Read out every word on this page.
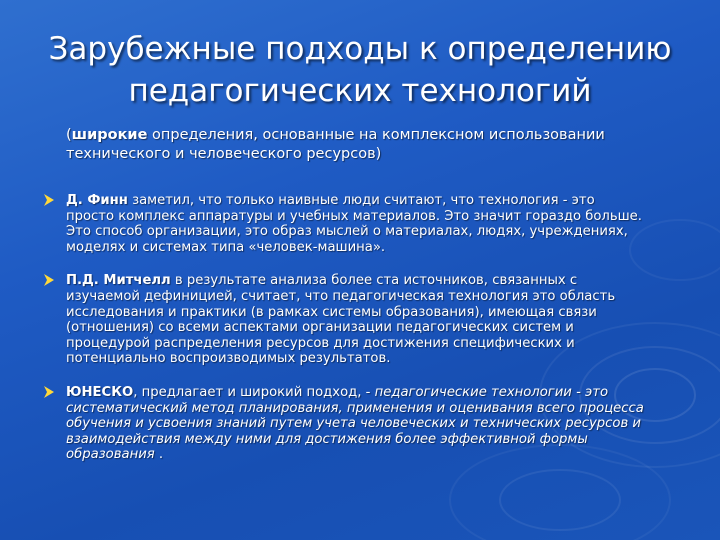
Зарубежные подходы к определению
педагогических технологий
(широкие определения, основанные на комплексном использовании технического и человеческого ресурсов)
Д. Финн заметил, что только наивные люди считают, что технология - это просто комплекс аппаратуры и учебных материалов. Это значит гораздо больше. Это способ организации, это образ мыслей о материалах, людях, учреждениях, моделях и системах типа «человек-машина».
П.Д. Митчелл в результате анализа более ста источников, связанных с изучаемой дефиницией, считает, что педагогическая технология это область исследования и практики (в рамках системы образования), имеющая связи (отношения) со всеми аспектами организации педагогических систем и процедурой распределения ресурсов для достижения специфических и потенциально воспроизводимых результатов.
ЮНЕСКО, предлагает и широкий подход, - педагогические технологии - это систематический метод планирования, применения и оценивания всего процесса обучения и усвоения знаний путем учета человеческих и технических ресурсов и взаимодействия между ними для достижения более эффективной формы образования .
